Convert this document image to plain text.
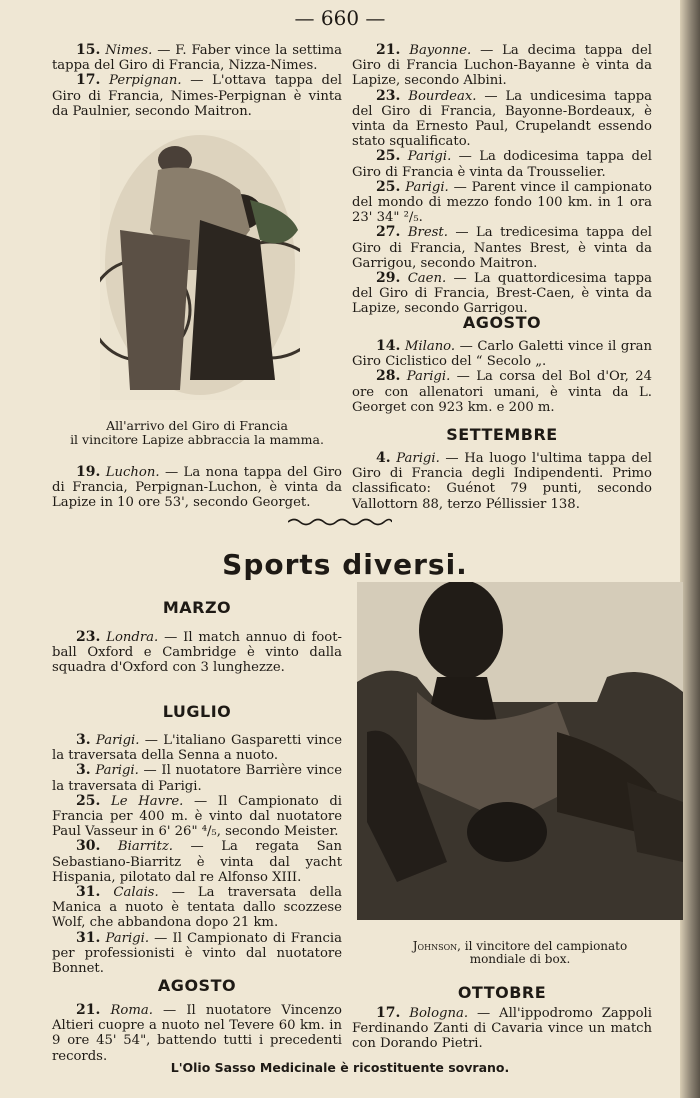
— 660 —

15. Nimes. — F. Faber vince la settima tappa del Giro di Francia, Nizza-Nimes.

17. Perpignan. — L'ottava tappa del Giro di Francia, Nimes-Perpignan è vinta da Paulnier, secondo Maitron.

All'arrivo del Giro di Francia
il vincitore Lapize abbraccia la mamma.

19. Luchon. — La nona tappa del Giro di Francia, Perpignan-Luchon, è vinta da Lapize in 10 ore 53', secondo Georget.

21. Bayonne. — La decima tappa del Giro di Francia Luchon-Bayanne è vinta da Lapize, secondo Albini.

23. Bourdeax. — La undicesima tappa del Giro di Francia, Bayonne-Bordeaux, è vinta da Ernesto Paul, Crupelandt essendo stato squalificato.

25. Parigi. — La dodicesima tappa del Giro di Francia è vinta da Trousselier.

25. Parigi. — Parent vince il campionato del mondo di mezzo fondo 100 km. in 1 ora 23' 34" ²/₅.

27. Brest. — La tredicesima tappa del Giro di Francia, Nantes Brest, è vinta da Garrigou, secondo Maitron.

29. Caen. — La quattordicesima tappa del Giro di Francia, Brest-Caen, è vinta da Lapize, secondo Garrigou.

AGOSTO

14. Milano. — Carlo Galetti vince il gran Giro Ciclistico del “ Secolo „.

28. Parigi. — La corsa del Bol d'Or, 24 ore con allenatori umani, è vinta da L. Georget con 923 km. e 200 m.

SETTEMBRE

4. Parigi. — Ha luogo l'ultima tappa del Giro di Francia degli Indipendenti. Primo classificato: Guénot 79 punti, secondo Vallottorn 88, terzo Péllissier 138.

Sports diversi.
MARZO

23. Londra. — Il match annuo di foot-ball Oxford e Cambridge è vinto dalla squadra d'Oxford con 3 lunghezze.

LUGLIO

3. Parigi. — L'italiano Gasparetti vince la traversata della Senna a nuoto.

3. Parigi. — Il nuotatore Barrière vince la traversata di Parigi.

25. Le Havre. — Il Campionato di Francia per 400 m. è vinto dal nuotatore Paul Vasseur in 6' 26" ⁴/₅, secondo Meister.

30. Biarritz. — La regata San Sebastiano-Biarritz è vinta dal yacht Hispania, pilotato dal re Alfonso XIII.

31. Calais. — La traversata della Manica a nuoto è tentata dallo scozzese Wolf, che abbandona dopo 21 km.

31. Parigi. — Il Campionato di Francia per professionisti è vinto dal nuotatore Bonnet.

AGOSTO

21. Roma. — Il nuotatore Vincenzo Altieri cuopre a nuoto nel Tevere 60 km. in 9 ore 45' 54", battendo tutti i precedenti records.

Johnson, il vincitore del campionato
mondiale di box.
OTTOBRE

17. Bologna. — All'ippodromo Zappoli Ferdinando Zanti di Cavaria vince un match con Dorando Pietri.

L'Olio Sasso Medicinale è ricostituente sovrano.
